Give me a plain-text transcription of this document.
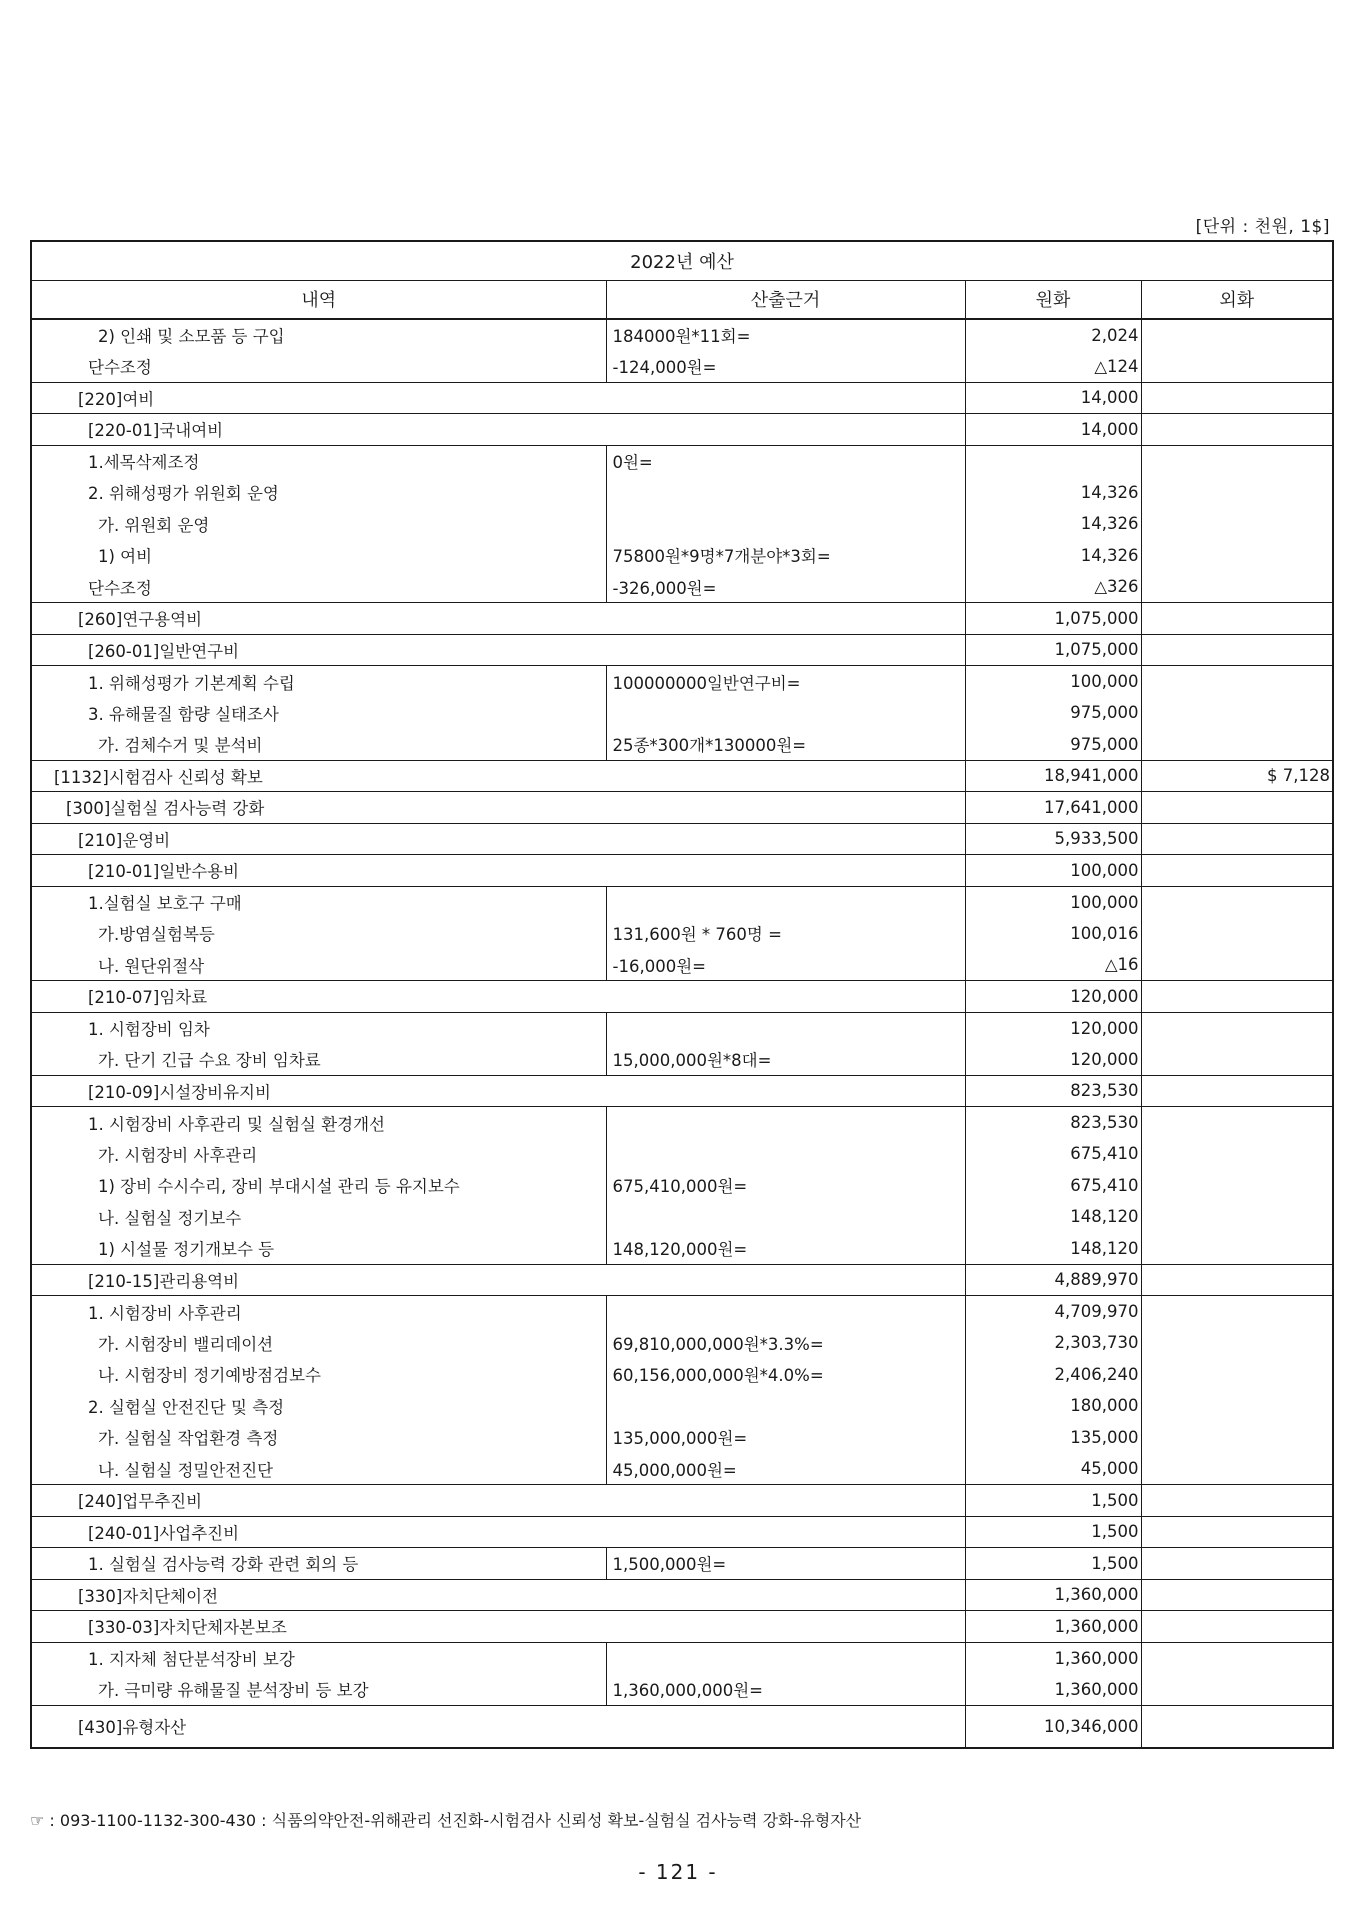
[단위 : 천원, 1$]
2022년 예산			
내역	산출근거	원화	외화
2) 인쇄 및 소모품 등 구입	184000원*11회=	2,024	
단수조정	-124,000원=	△124	
[220]여비		14,000	
[220-01]국내여비		14,000	
1.세목삭제조정	0원=		
2. 위해성평가 위원회 운영		14,326	
가. 위원회 운영		14,326	
1) 여비	75800원*9명*7개분야*3회=	14,326	
단수조정	-326,000원=	△326	
[260]연구용역비		1,075,000	
[260-01]일반연구비		1,075,000	
1. 위해성평가 기본계획 수립	100000000일반연구비=	100,000	
3. 유해물질 함량 실태조사		975,000	
가. 검체수거 및 분석비	25종*300개*130000원=	975,000	
[1132]시험검사 신뢰성 확보		18,941,000	$ 7,128
[300]실험실 검사능력 강화		17,641,000	
[210]운영비		5,933,500	
[210-01]일반수용비		100,000	
1.실험실 보호구 구매		100,000	
가.방염실험복등	131,600원 * 760명 =	100,016	
나. 원단위절삭	-16,000원=	△16	
[210-07]임차료		120,000	
1. 시험장비 임차		120,000	
가. 단기 긴급 수요 장비 임차료	15,000,000원*8대=	120,000	
[210-09]시설장비유지비		823,530	
1. 시험장비 사후관리 및 실험실 환경개선		823,530	
가. 시험장비 사후관리		675,410	
1) 장비 수시수리, 장비 부대시설 관리 등 유지보수	675,410,000원=	675,410	
나. 실험실 정기보수		148,120	
1) 시설물 정기개보수 등	148,120,000원=	148,120	
[210-15]관리용역비		4,889,970	
1. 시험장비 사후관리		4,709,970	
가. 시험장비 밸리데이션	69,810,000,000원*3.3%=	2,303,730	
나. 시험장비 정기예방점검보수	60,156,000,000원*4.0%=	2,406,240	
2. 실험실 안전진단 및 측정		180,000	
가. 실험실 작업환경 측정	135,000,000원=	135,000	
나. 실험실 정밀안전진단	45,000,000원=	45,000	
[240]업무추진비		1,500	
[240-01]사업추진비		1,500	
1. 실험실 검사능력 강화 관련 회의 등	1,500,000원=	1,500	
[330]자치단체이전		1,360,000	
[330-03]자치단체자본보조		1,360,000	
1. 지자체 첨단분석장비 보강		1,360,000	
가. 극미량 유해물질 분석장비 등 보강	1,360,000,000원=	1,360,000	
[430]유형자산		10,346,000	
☞ : 093-1100-1132-300-430 : 식품의약안전-위해관리 선진화-시험검사 신뢰성 확보-실험실 검사능력 강화-유형자산
- 121 -
